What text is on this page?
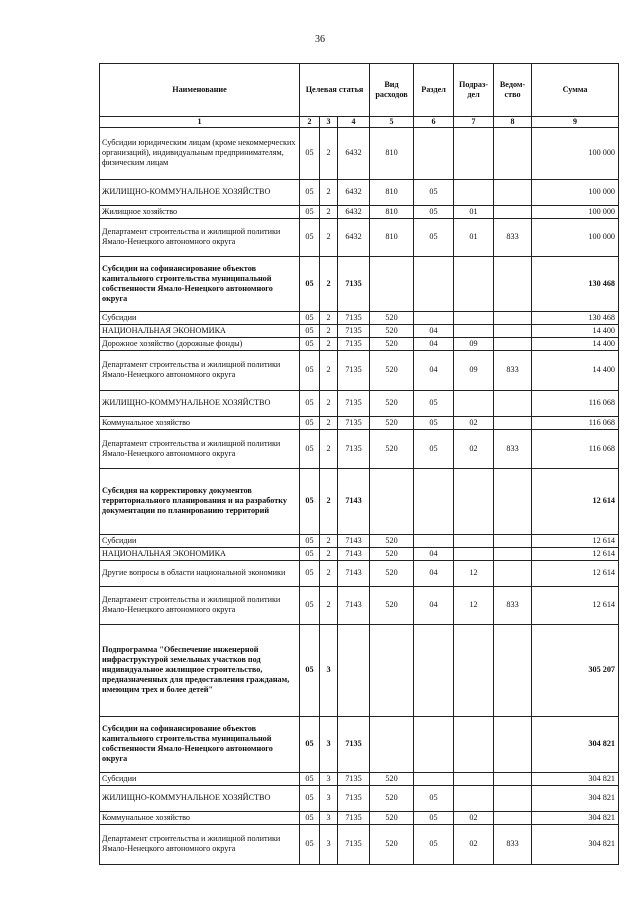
36
Наименование	Целевая статья			Вид расходов	Раздел	Подраз-дел	Ведом-ство	Сумма
1	2	3	4	5	6	7	8	9
Субсидии юридическим лицам (кроме некоммерческих организаций), индивидуальным предпринимателям, физическим лицам	05	2	6432	810				100 000
ЖИЛИЩНО-КОММУНАЛЬНОЕ ХОЗЯЙСТВО	05	2	6432	810	05			100 000
Жилищное хозяйство	05	2	6432	810	05	01		100 000
Департамент строительства и жилищной политики Ямало-Ненецкого автономного округа	05	2	6432	810	05	01	833	100 000
Субсидии на софинансирование объектов капитального строительства муниципальной собственности Ямало-Ненецкого автономного округа	05	2	7135					130 468
Субсидии	05	2	7135	520				130 468
НАЦИОНАЛЬНАЯ ЭКОНОМИКА	05	2	7135	520	04			14 400
Дорожное хозяйство (дорожные фонды)	05	2	7135	520	04	09		14 400
Департамент строительства и жилищной политики Ямало-Ненецкого автономного округа	05	2	7135	520	04	09	833	14 400
ЖИЛИЩНО-КОММУНАЛЬНОЕ ХОЗЯЙСТВО	05	2	7135	520	05			116 068
Коммунальное хозяйство	05	2	7135	520	05	02		116 068
Департамент строительства и жилищной политики Ямало-Ненецкого автономного округа	05	2	7135	520	05	02	833	116 068
Субсидия на корректировку документов территориального планирования и на разработку документации по планированию территорий	05	2	7143					12 614
Субсидии	05	2	7143	520				12 614
НАЦИОНАЛЬНАЯ ЭКОНОМИКА	05	2	7143	520	04			12 614
Другие вопросы в области национальной экономики	05	2	7143	520	04	12		12 614
Департамент строительства и жилищной политики Ямало-Ненецкого автономного округа	05	2	7143	520	04	12	833	12 614
Подпрограмма "Обеспечение инженерной инфраструктурой земельных участков под индивидуальное жилищное строительство, предназначенных для предоставления гражданам, имеющим трех и более детей"	05	3						305 207
Субсидии на софинансирование объектов капитального строительства муниципальной собственности Ямало-Ненецкого автономного округа	05	3	7135					304 821
Субсидии	05	3	7135	520				304 821
ЖИЛИЩНО-КОММУНАЛЬНОЕ ХОЗЯЙСТВО	05	3	7135	520	05			304 821
Коммунальное хозяйство	05	3	7135	520	05	02		304 821
Департамент строительства и жилищной политики Ямало-Ненецкого автономного округа	05	3	7135	520	05	02	833	304 821
